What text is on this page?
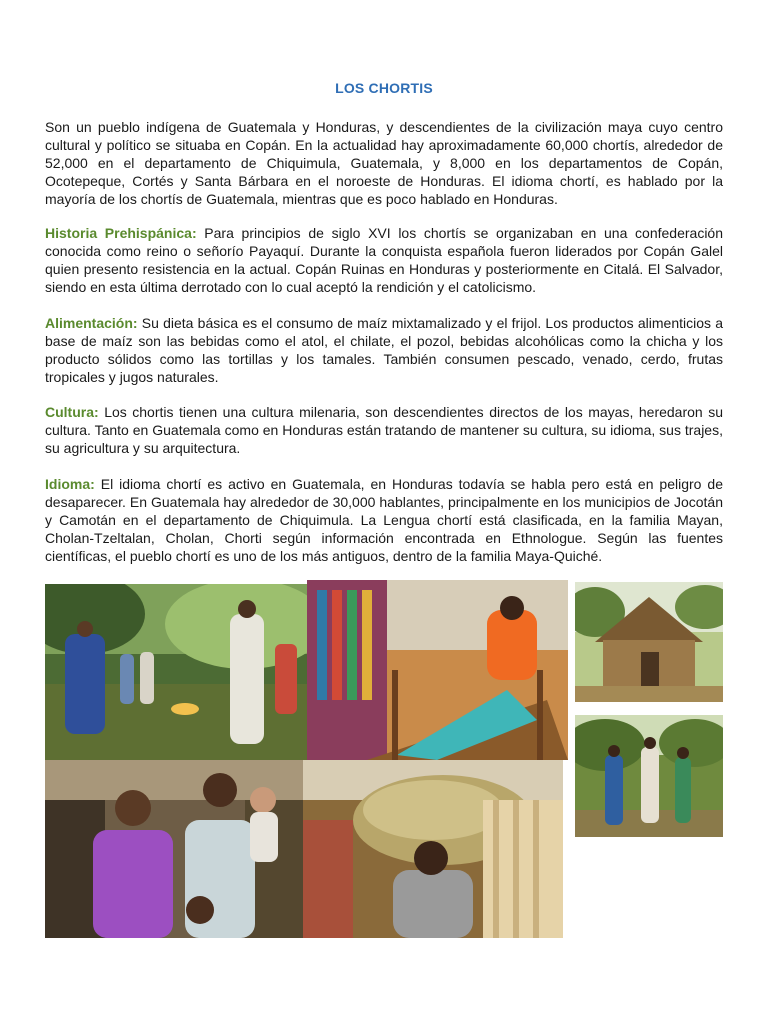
LOS CHORTIS

Son un pueblo indígena de Guatemala y Honduras, y descendientes de la civilización maya cuyo centro cultural y político se situaba en Copán. En la actualidad hay aproximadamente 60,000 chortís, alrededor de 52,000 en el departamento de Chiquimula, Guatemala, y 8,000 en los departamentos de Copán, Ocotepeque, Cortés y Santa Bárbara en el noroeste de Honduras. El idioma chortí, es hablado por la mayoría de los chortís de Guatemala, mientras que es poco hablado en Honduras.

Historia Prehispánica: Para principios de siglo XVI los chortís se organizaban en una confederación conocida como reino o señorío Payaquí. Durante la conquista española fueron liderados por Copán Galel quien presento resistencia en la actual. Copán Ruinas en Honduras y posteriormente en Citalá. El Salvador, siendo en esta última derrotado con lo cual aceptó la rendición y el catolicismo.

Alimentación: Su dieta básica es el consumo de maíz mixtamalizado y el frijol. Los productos alimenticios a base de maíz son las bebidas como el atol, el chilate, el pozol, bebidas alcohólicas como la chicha y los producto sólidos como las tortillas y los tamales. También consumen pescado, venado, cerdo, frutas tropicales y jugos naturales.

Cultura: Los chortis tienen una cultura milenaria, son descendientes directos de los mayas, heredaron su cultura. Tanto en Guatemala como en Honduras están tratando de mantener su cultura, su idioma, sus trajes, su agricultura y su arquitectura.

Idioma: El idioma chortí es activo en Guatemala, en Honduras todavía se habla pero está en peligro de desaparecer. En Guatemala hay alrededor de 30,000 hablantes, principalmente en los municipios de Jocotán y Camotán en el departamento de Chiquimula. La Lengua chortí está clasificada, en la familia Mayan, Cholan-Tzeltalan, Cholan, Chorti según información encontrada en Ethnologue. Según las fuentes científicas, el pueblo chortí es uno de los más antiguos, dentro de la familia Maya-Quiché.
